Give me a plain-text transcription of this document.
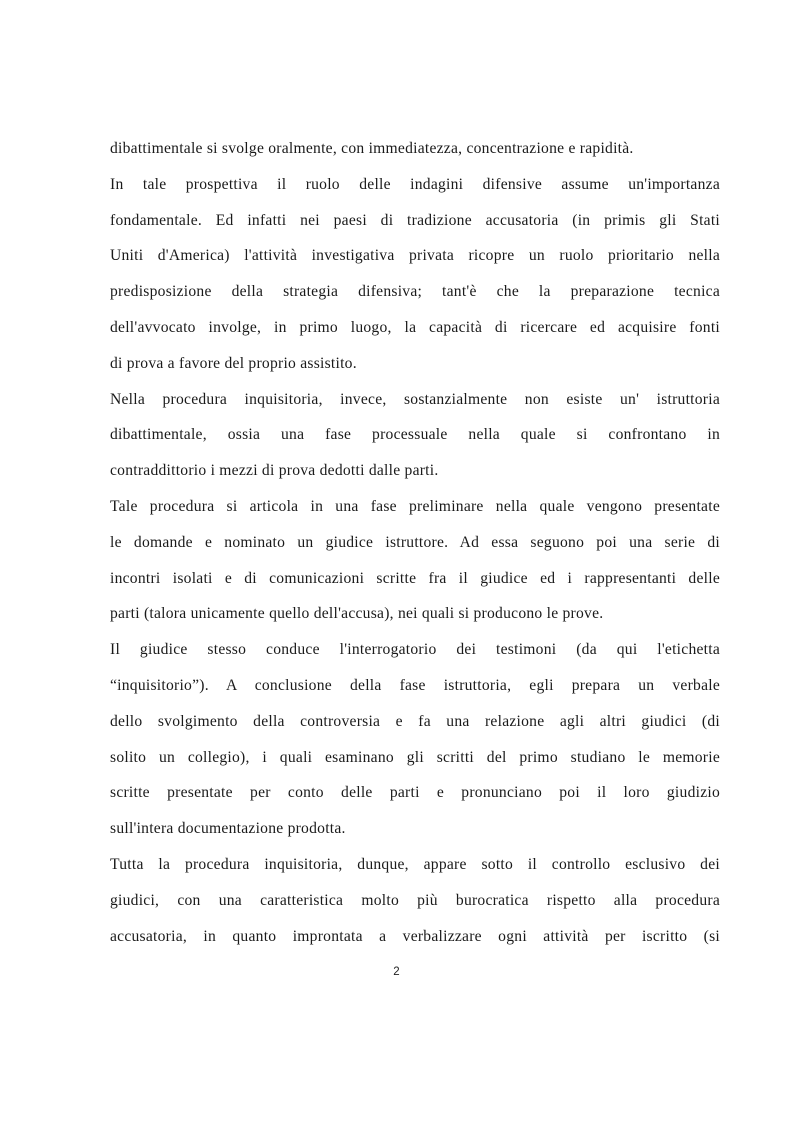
dibattimentale si svolge oralmente, con immediatezza, concentrazione e rapidità.
In tale prospettiva il ruolo delle indagini difensive assume un'importanza
fondamentale. Ed infatti nei paesi di tradizione accusatoria (in primis gli Stati
Uniti d'America) l'attività investigativa privata ricopre un ruolo prioritario nella
predisposizione della strategia difensiva; tant'è che la preparazione tecnica
dell'avvocato involge, in primo luogo, la capacità di ricercare ed acquisire fonti
di prova a favore del proprio assistito.
Nella procedura inquisitoria, invece, sostanzialmente non esiste un' istruttoria
dibattimentale, ossia una fase processuale nella quale si confrontano in
contraddittorio i mezzi di prova dedotti dalle parti.
Tale procedura si articola in una fase preliminare nella quale vengono presentate
le domande e nominato un giudice istruttore. Ad essa seguono poi una serie di
incontri isolati e di comunicazioni scritte fra il giudice ed i rappresentanti delle
parti (talora unicamente quello dell'accusa), nei quali si producono le prove.
Il giudice stesso conduce l'interrogatorio dei testimoni (da qui l'etichetta
“inquisitorio”). A conclusione della fase istruttoria, egli prepara un verbale
dello svolgimento della controversia e fa una relazione agli altri giudici (di
solito un collegio), i quali esaminano gli scritti del primo studiano le memorie
scritte presentate per conto delle parti e pronunciano poi il loro giudizio
sull'intera documentazione prodotta.
Tutta la procedura inquisitoria, dunque, appare sotto il controllo esclusivo dei
giudici, con una caratteristica molto più burocratica rispetto alla procedura
accusatoria, in quanto improntata a verbalizzare ogni attività per iscritto (si
2
